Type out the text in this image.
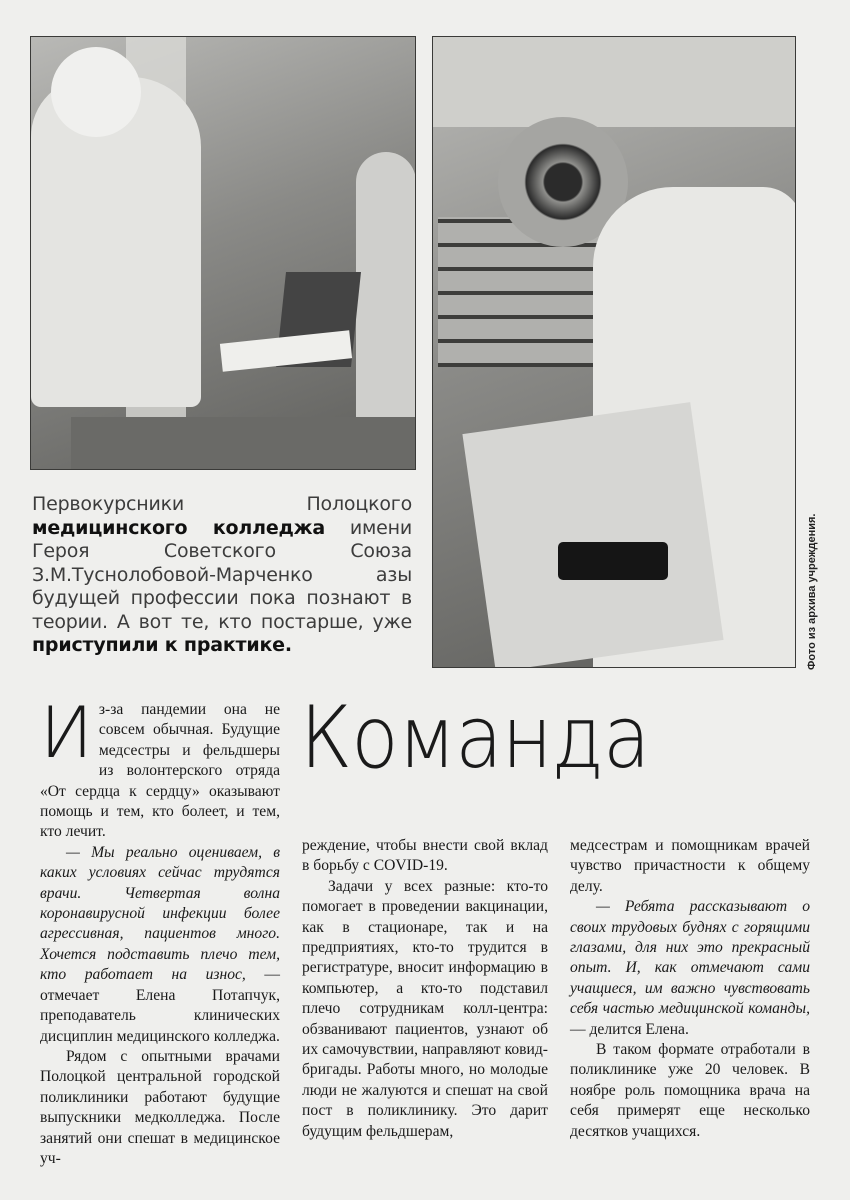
Первокурсники Полоцкого медицинского колледжа имени Героя Советского Союза З.М.Туснолобовой-Марченко азы будущей профессии пока познают в теории. А вот те, кто постарше, уже приступили к практике.	Фото из архива учреждения.
Команда

Из-за пандемии она не совсем обычная. Будущие медсестры и фельдшеры из волонтерского отряда «От сердца к сердцу» оказывают помощь и тем, кто болеет, и тем, кто лечит.

— Мы реально оцениваем, в каких условиях сейчас трудятся врачи. Четвертая волна коронавирусной инфекции более агрессивная, пациентов много. Хочется подставить плечо тем, кто работает на износ, — отмечает Елена Потапчук, преподаватель клинических дисциплин медицинского колледжа.

Рядом с опытными врачами Полоцкой центральной городской поликлиники работают будущие выпускники медколледжа. После занятий они спешат в медицинское уч-

реждение, чтобы внести свой вклад в борьбу с COVID-19.

Задачи у всех разные: кто-то помогает в проведении вакцинации, как в стационаре, так и на предприятиях, кто-то трудится в регистратуре, вносит информацию в компьютер, а кто-то подставил плечо сотрудникам колл-центра: обзванивают пациентов, узнают об их самочувствии, направляют ковид-бригады. Работы много, но молодые люди не жалуются и спешат на свой пост в поликлинику. Это дарит будущим фельдшерам,

медсестрам и помощникам врачей чувство причастности к общему делу.

— Ребята рассказывают о своих трудовых буднях с горящими глазами, для них это прекрасный опыт. И, как отмечают сами учащиеся, им важно чувствовать себя частью медицинской команды, — делится Елена.

В таком формате отработали в поликлинике уже 20 человек. В ноябре роль помощника врача на себя примерят еще несколько десятков учащихся.
